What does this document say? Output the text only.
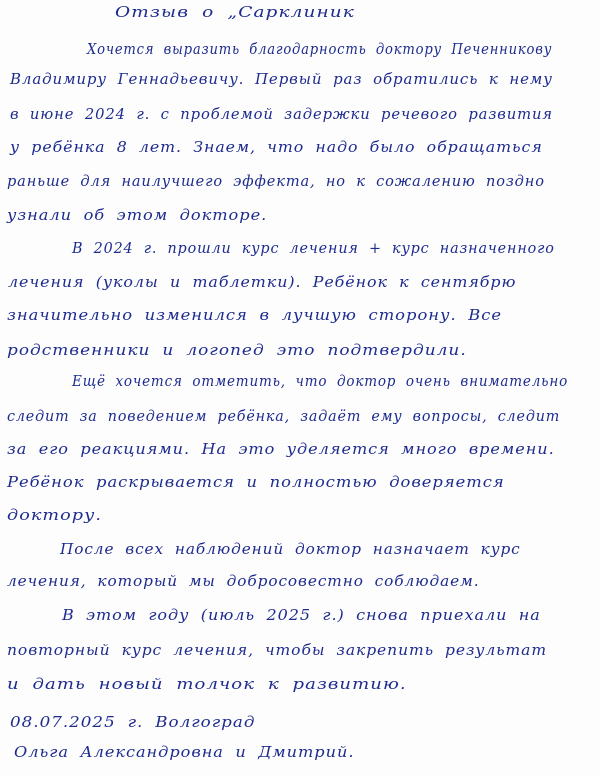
Отзыв о „Сарклиник
Хочется выразить благодарность доктору Печенникову
Владимиру Геннадьевичу. Первый раз обратились к нему
в июне 2024 г. с проблемой задержки речевого развития
у ребёнка 8 лет. Знаем, что надо было обращаться
раньше для наилучшего эффекта, но к сожалению поздно
узнали об этом докторе.
В 2024 г. прошли курс лечения + курс назначенного
лечения (уколы и таблетки). Ребёнок к сентябрю
значительно изменился в лучшую сторону. Все
родственники и логопед это подтвердили.
Ещё хочется отметить, что доктор очень внимательно
следит за поведением ребёнка, задаёт ему вопросы, следит
за его реакциями. На это уделяется много времени.
Ребёнок раскрывается и полностью доверяется
доктору.
После всех наблюдений доктор назначает курс
лечения, который мы добросовестно соблюдаем.
В этом году (июль 2025 г.) снова приехали на
повторный курс лечения, чтобы закрепить результат
и дать новый толчок к развитию.
08.07.2025 г. Волгоград
Ольга Александровна и Дмитрий.
